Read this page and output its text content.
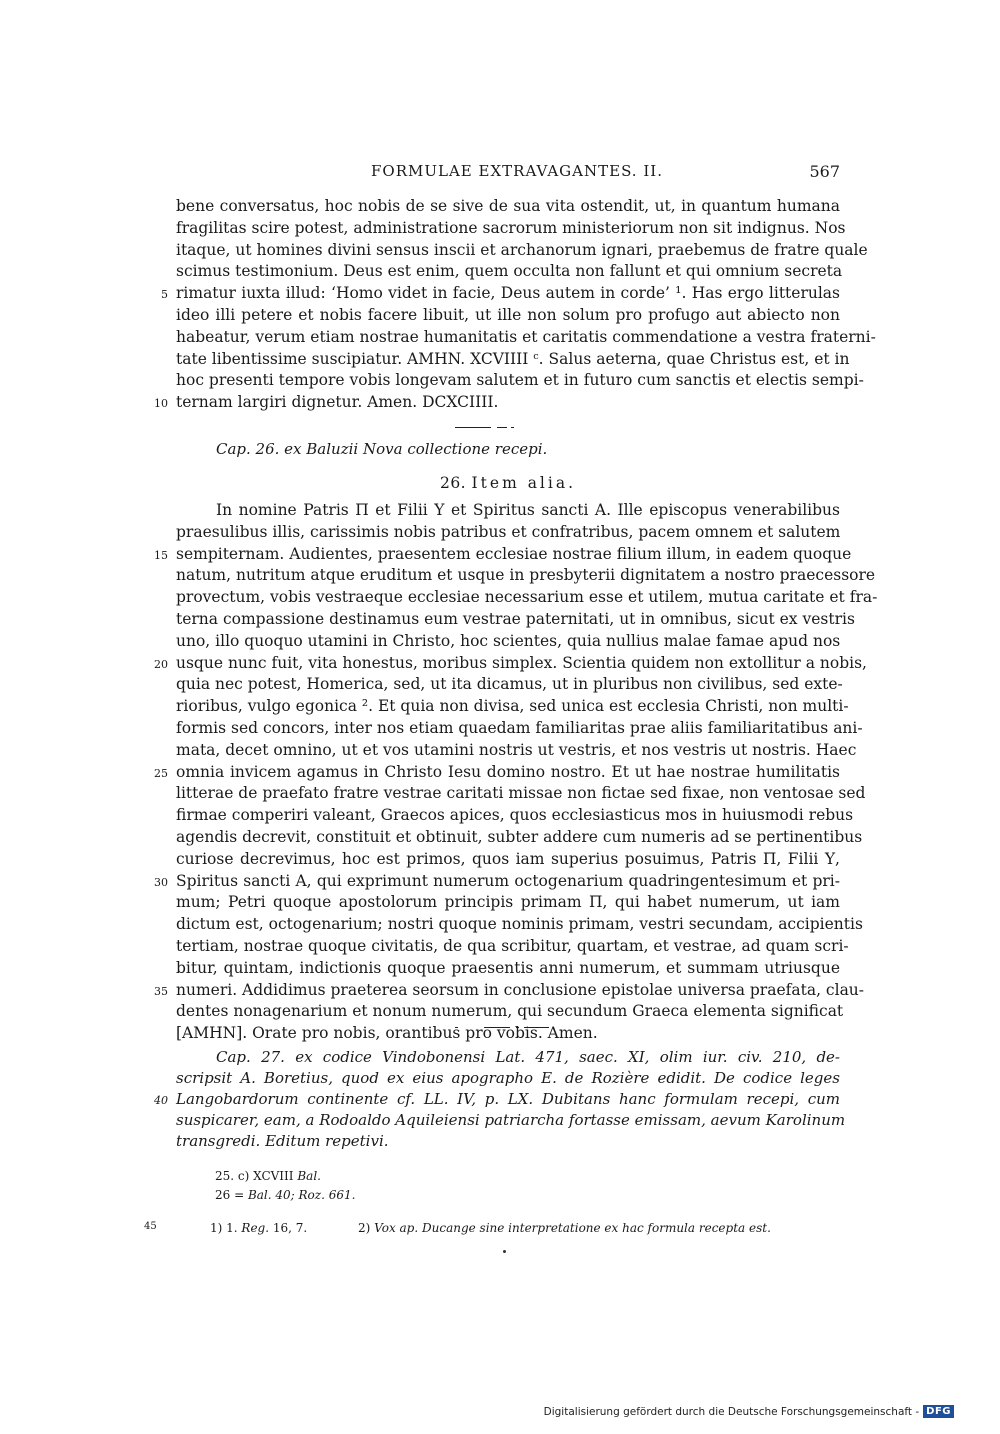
FORMULAE EXTRAVAGANTES. II.	567
bene conversatus, hoc nobis de se sive de sua vita ostendit, ut, in quantum humana
fragilitas scire potest, administratione sacrorum ministeriorum non sit indignus. Nos
itaque, ut homines divini sensus inscii et archanorum ignari, praebemus de fratre quale
scimus testimonium. Deus est enim, quem occulta non fallunt et qui omnium secreta
rimatur iuxta illud: ‘Homo videt in facie, Deus autem in corde’ ¹. Has ergo litterulas
5
ideo illi petere et nobis facere libuit, ut ille non solum pro profugo aut abiecto non
habeatur, verum etiam nostrae humanitatis et caritatis commendatione a vestra fraterni-
tate libentissime suscipiatur. AMHN. XCVIIII ᶜ. Salus aeterna, quae Christus est, et in
hoc presenti tempore vobis longevam salutem et in futuro cum sanctis et electis sempi-
ternam largiri dignetur. Amen. DCXCIIII.
10
Cap. 26. ex Baluzii Nova collectione recepi.
26. Item alia.
In nomine Patris Π et Filii Υ et Spiritus sancti Α. Ille episcopus venerabilibus
praesulibus illis, carissimis nobis patribus et confratribus, pacem omnem et salutem
sempiternam. Audientes, praesentem ecclesiae nostrae filium illum, in eadem quoque
15
natum, nutritum atque eruditum et usque in presbyterii dignitatem a nostro praecessore
provectum, vobis vestraeque ecclesiae necessarium esse et utilem, mutua caritate et fra-
terna compassione destinamus eum vestrae paternitati, ut in omnibus, sicut ex vestris
uno, illo quoquo utamini in Christo, hoc scientes, quia nullius malae famae apud nos
usque nunc fuit, vita honestus, moribus simplex. Scientia quidem non extollitur a nobis,
20
quia nec potest, Homerica, sed, ut ita dicamus, ut in pluribus non civilibus, sed exte-
rioribus, vulgo egonica ². Et quia non divisa, sed unica est ecclesia Christi, non multi-
formis sed concors, inter nos etiam quaedam familiaritas prae aliis familiaritatibus ani-
mata, decet omnino, ut et vos utamini nostris ut vestris, et nos vestris ut nostris. Haec
omnia invicem agamus in Christo Iesu domino nostro. Et ut hae nostrae humilitatis
25
litterae de praefato fratre vestrae caritati missae non fictae sed fixae, non ventosae sed
firmae comperiri valeant, Graecos apices, quos ecclesiasticus mos in huiusmodi rebus
agendis decrevit, constituit et obtinuit, subter addere cum numeris ad se pertinentibus
curiose decrevimus, hoc est primos, quos iam superius posuimus, Patris Π, Filii Υ,
Spiritus sancti Α, qui exprimunt numerum octogenarium quadringentesimum et pri-
30
mum; Petri quoque apostolorum principis primam Π, qui habet numerum, ut iam
dictum est, octogenarium; nostri quoque nominis primam, vestri secundam, accipientis
tertiam, nostrae quoque civitatis, de qua scribitur, quartam, et vestrae, ad quam scri-
bitur, quintam, indictionis quoque praesentis anni numerum, et summam utriusque
numeri. Addidimus praeterea seorsum in conclusione epistolae universa praefata, clau-
35
dentes nonagenarium et nonum numerum, qui secundum Graeca elementa significat
[AMHN]. Orate pro nobis, orantibus pro vobis. Amen.
Cap. 27. ex codice Vindobonensi Lat. 471, saec. XI, olim iur. civ. 210, de-
scripsit A. Boretius, quod ex eius apographo E. de Rozière edidit. De codice leges
Langobardorum continente cf. LL. IV, p. LX. Dubitans hanc formulam recepi, cum
40
suspicarer, eam, a Rodoaldo Aquileiensi patriarcha fortasse emissam, aevum Karolinum
transgredi. Editum repetivi.
25. c) XCVIII Bal.
26 = Bal. 40; Roz. 661.
45	1) 1. Reg. 16, 7.	2) Vox ap. Ducange sine interpretatione ex hac formula recepta est.
Digitalisierung gefördert durch die Deutsche Forschungsgemeinschaft - DFG
